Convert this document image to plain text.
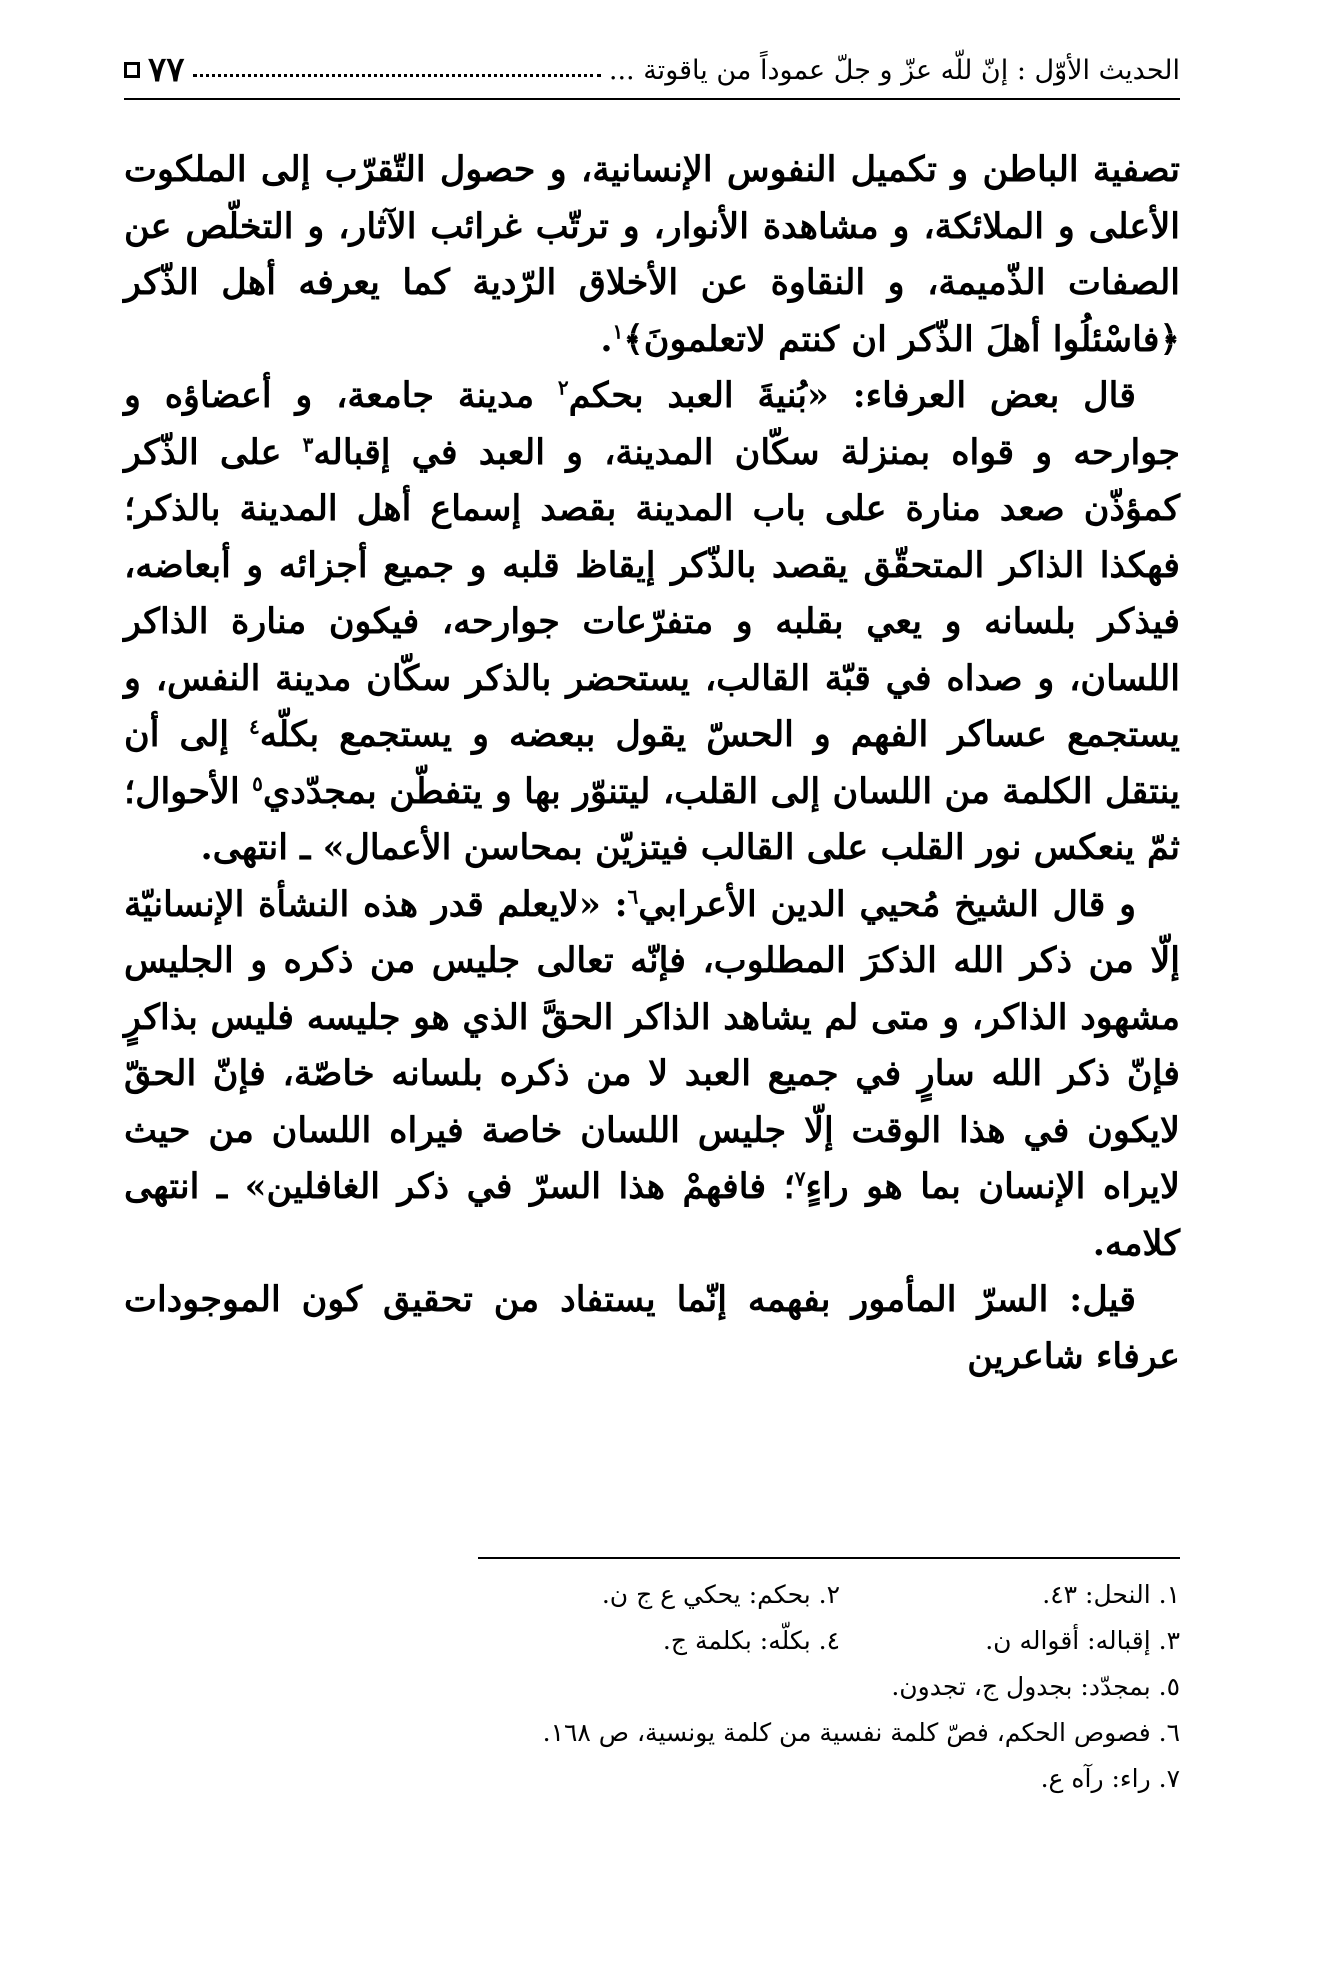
الحديث الأوّل : إنّ للّه عزّ و جلّ عموداً من ياقوتة ...
٧٧

تصفية الباطن و تكميل النفوس الإنسانية، و حصول التّقرّب إلى الملكوت الأعلى و الملائكة، و مشاهدة الأنوار، و ترتّب غرائب الآثار، و التخلّص عن الصفات الذّميمة، و النقاوة عن الأخلاق الرّدية كما يعرفه أهل الذّكر ﴿فاسْئلُوا أهلَ الذّكر ان كنتم لاتعلمونَ﴾$^١$.

قال بعض العرفاء: «بُنيةَ العبد بحكم$^٢$ مدينة جامعة، و أعضاؤه و جوارحه و قواه بمنزلة سكّان المدينة، و العبد في إقباله$^٣$ على الذّكر كمؤذّن صعد منارة على باب المدينة بقصد إسماع أهل المدينة بالذكر؛ فهكذا الذاكر المتحقّق يقصد بالذّكر إيقاظ قلبه و جميع أجزائه و أبعاضه، فيذكر بلسانه و يعي بقلبه و متفرّعات جوارحه، فيكون منارة الذاكر اللسان، و صداه في قبّة القالب، يستحضر بالذكر سكّان مدينة النفس، و يستجمع عساكر الفهم و الحسّ يقول ببعضه و يستجمع بكلّه$^٤$ إلى أن ينتقل الكلمة من اللسان إلى القلب، ليتنوّر بها و يتفطّن بمجدّدي$^٥$ الأحوال؛ ثمّ ينعكس نور القلب على القالب فيتزيّن بمحاسن الأعمال» ـ انتهى.

و قال الشيخ مُحيي الدين الأعرابي$^٦$: «لايعلم قدر هذه النشأة الإنسانيّة إلّا من ذكر الله الذكرَ المطلوب، فإنّه تعالى جليس من ذكره و الجليس مشهود الذاكر، و متى لم يشاهد الذاكر الحقَّ الذي هو جليسه فليس بذاكرٍ فإنّ ذكر الله سارٍ في جميع العبد لا من ذكره بلسانه خاصّة، فإنّ الحقّ لايكون في هذا الوقت إلّا جليس اللسان خاصة فيراه اللسان من حيث لايراه الإنسان بما هو راءٍ$^٧$؛ فافهمْ هذا السرّ في ذكر الغافلين» ـ انتهى كلامه.

قيل: السرّ المأمور بفهمه إنّما يستفاد من تحقيق كون الموجودات عرفاء شاعرين

١. النحل: ٤٣.
٢. بحكم: يحكي ع ج ن.
٣. إقباله: أقواله ن.
٤. بكلّه: بكلمة ج.
٥. بمجدّد: بجدول ج، تجدون.
٦. فصوص الحكم، فصّ كلمة نفسية من كلمة يونسية، ص ١٦٨.
٧. راء: رآه ع.
